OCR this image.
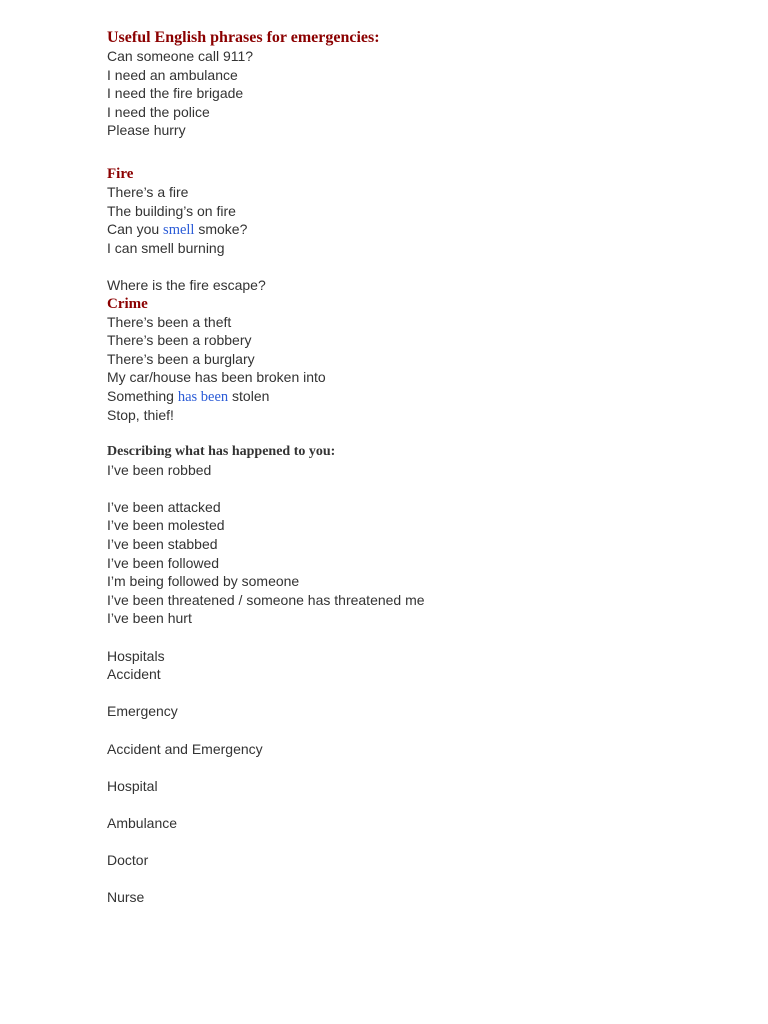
Useful English phrases for emergencies:
Can someone call 911?
I need an ambulance
I need the fire brigade
I need the police
Please hurry
Fire
There’s a fire
The building’s on fire
Can you smell smoke?
I can smell burning
Where is the fire escape?
Crime
There’s been a theft
There’s been a robbery
There’s been a burglary
My car/house has been broken into
Something has been stolen
Stop, thief!
Describing what has happened to you:
I’ve been robbed
I’ve been attacked
I’ve been molested
I’ve been stabbed
I’ve been followed
I’m being followed by someone
I’ve been threatened / someone has threatened me
I’ve been hurt
Hospitals
Accident
Emergency
Accident and Emergency
Hospital
Ambulance
Doctor
Nurse
